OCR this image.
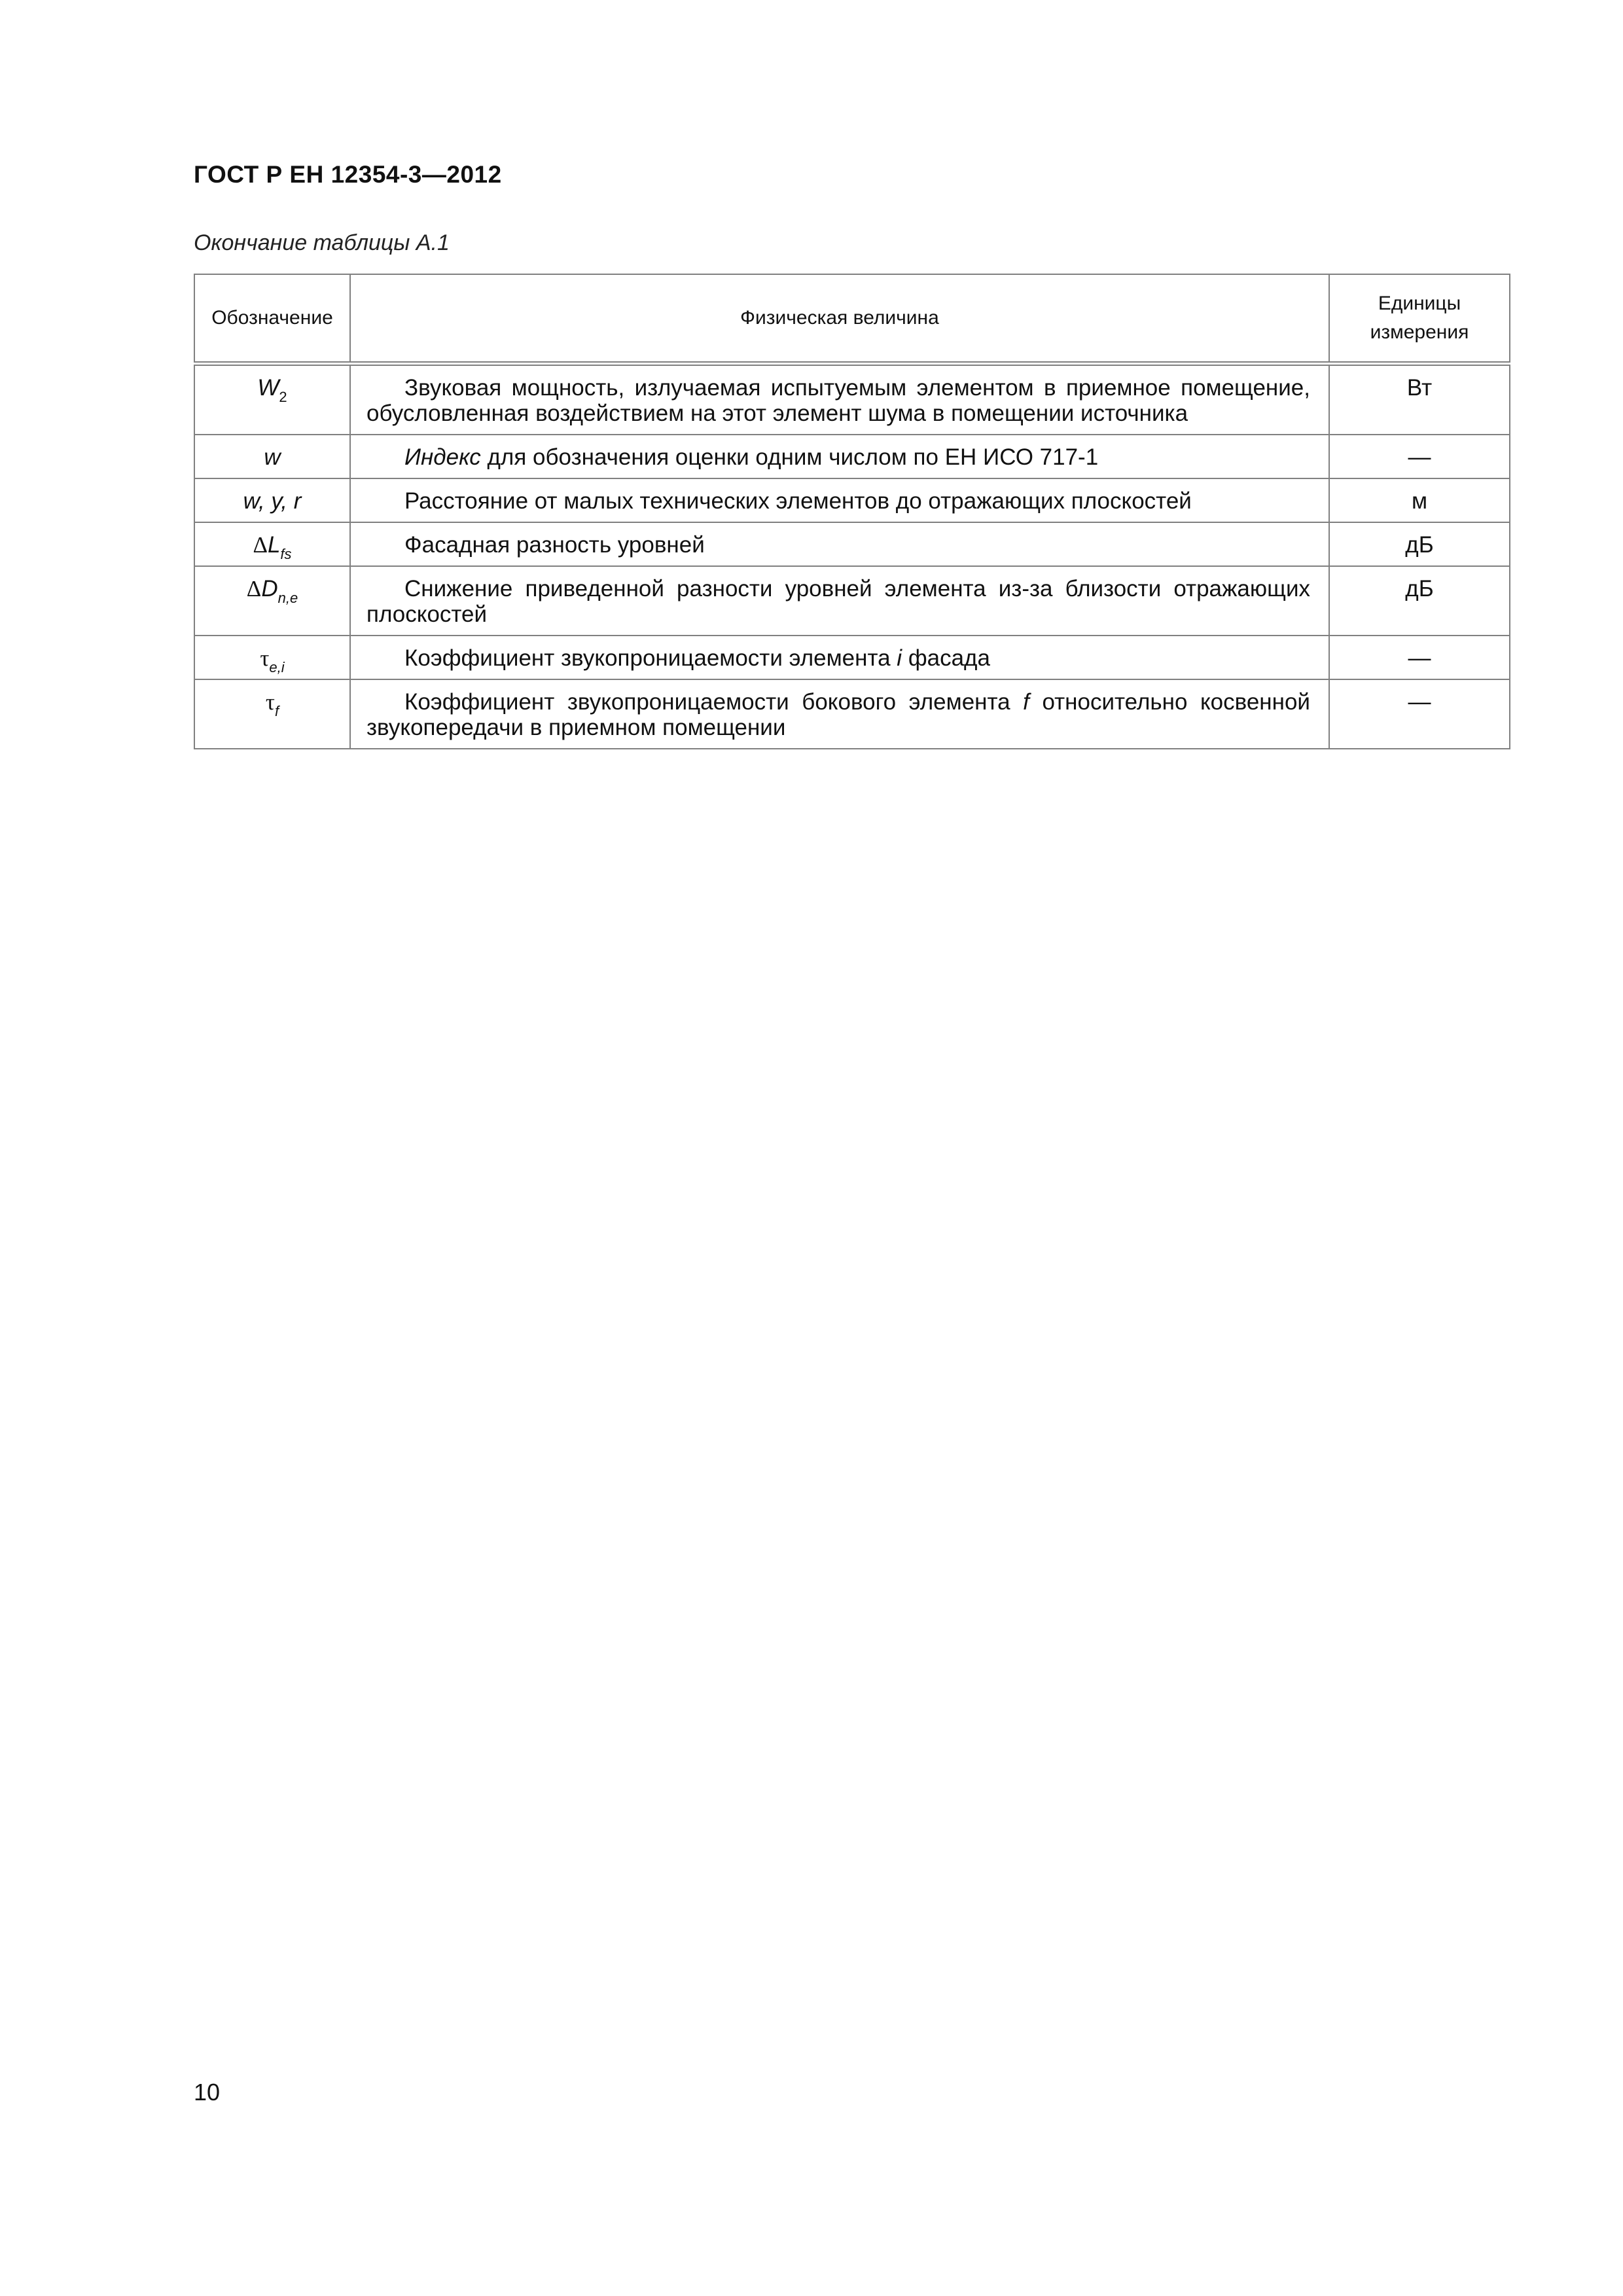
ГОСТ Р ЕН 12354-3—2012
Окончание таблицы А.1
Обозначение	Физическая величина	Единицы измерения
$W_2$	Звуковая мощность, излучаемая испытуемым элементом в приемное помещение, обусловленная воздействием на этот элемент шума в помещении источника	Вт
w	Индекс для обозначения оценки одним числом по ЕН ИСО 717-1	—
w, y, r	Расстояние от малых технических элементов до отражающих плоскостей	м
$\Delta L_{fs}$	Фасадная разность уровней	дБ
$\Delta D_{n,e}$	Снижение приведенной разности уровней элемента из-за близости отражающих плоскостей	дБ
$\tau_{e,i}$	Коэффициент звукопроницаемости элемента i фасада	—
$\tau_f$	Коэффициент звукопроницаемости бокового элемента f относительно косвенной звукопередачи в приемном помещении	—
10
